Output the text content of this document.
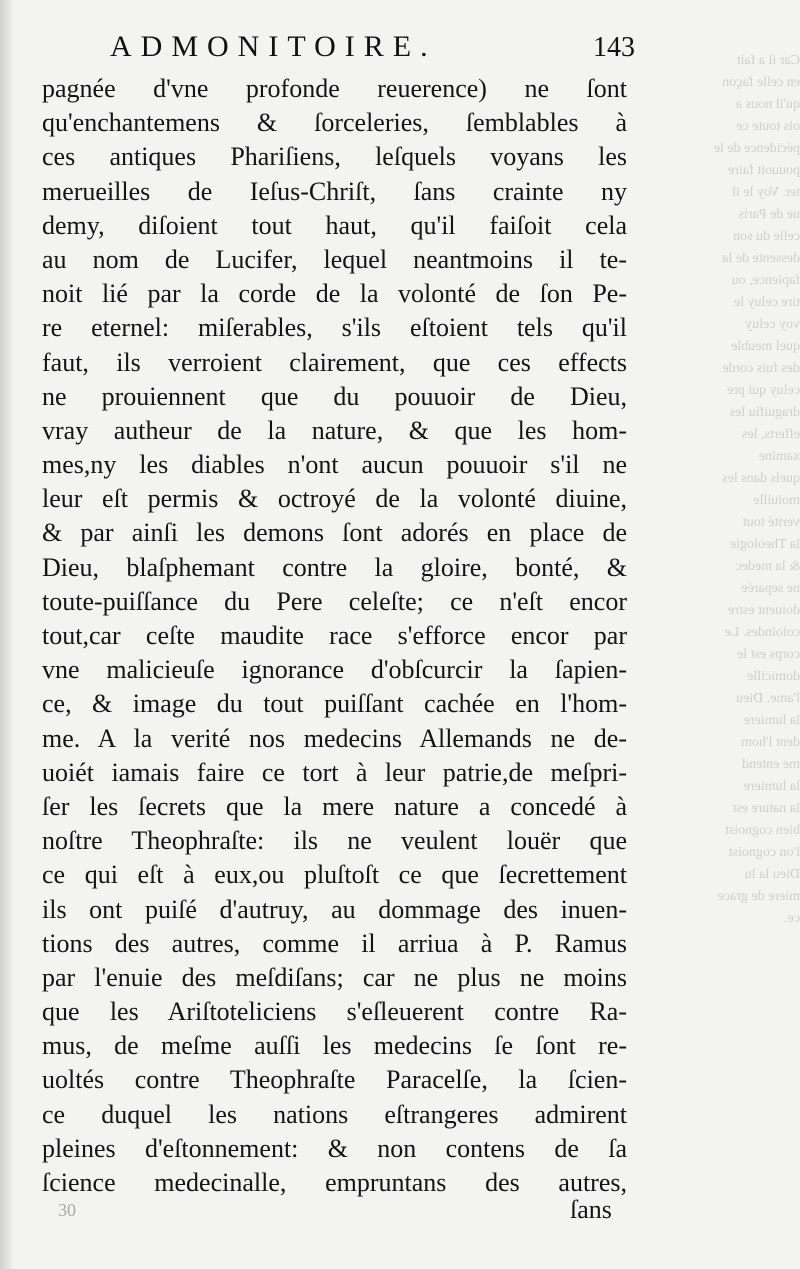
Car il a fait
en celle façon
qu'il nous a
ois toute ce
pécidence de le
pouuoit faire
ter. Voy le il
ue de Paris
celle du son
dessente de la
fapience, ou
tire celuy le
voy celuy
quel meuble
des fuis corde
celuy qui pre
draguifiu les
efferts, les
xamine
quels dans les
moiuille
verité tout
la Theologie
& la medec
ne separée
doiuent estre
coioindes. Le
corps est le
domicille
l'ame. Dieu
la lumiere
dent l'hom
me entend
la lumiere
la nature est
bien cognoist
l'on cognoist
Dieu la lu
miere de grace
ce.
ADMONITOIRE.	143
pagnée d'vne profonde reuerence) ne ſont
qu'enchantemens & ſorceleries, ſemblables à
ces antiques Phariſiens, leſquels voyans les
merueilles de Ieſus-Chriſt, ſans crainte ny
demy, diſoient tout haut, qu'il faiſoit cela
au nom de Lucifer, lequel neantmoins il te-
noit lié par la corde de la volonté de ſon Pe-
re eternel: miſerables, s'ils eſtoient tels qu'il
faut, ils verroient clairement, que ces effects
ne prouiennent que du pouuoir de Dieu,
vray autheur de la nature, & que les hom-
mes,ny les diables n'ont aucun pouuoir s'il ne
leur eſt permis & octroyé de la volonté diuine,
& par ainſi les demons ſont adorés en place de
Dieu, blaſphemant contre la gloire, bonté, &
toute-puiſſance du Pere celeſte; ce n'eſt encor
tout,car ceſte maudite race s'efforce encor par
vne malicieuſe ignorance d'obſcurcir la ſapien-
ce, & image du tout puiſſant cachée en l'hom-
me. A la verité nos medecins Allemands ne de-
uoiét iamais faire ce tort à leur patrie,de meſpri-
ſer les ſecrets que la mere nature a concedé à
noſtre Theophraſte: ils ne veulent louër que
ce qui eſt à eux,ou pluſtoſt ce que ſecrettement
ils ont puiſé d'autruy, au dommage des inuen-
tions des autres, comme il arriua à P. Ramus
par l'enuie des meſdiſans; car ne plus ne moins
que les Ariſtoteliciens s'eſleuerent contre Ra-
mus, de meſme auſſi les medecins ſe ſont re-
uoltés contre Theophraſte Paracelſe, la ſcien-
ce duquel les nations eſtrangeres admirent
pleines d'eſtonnement: & non contens de ſa
ſcience medecinalle, empruntans des autres,
30	ſans
